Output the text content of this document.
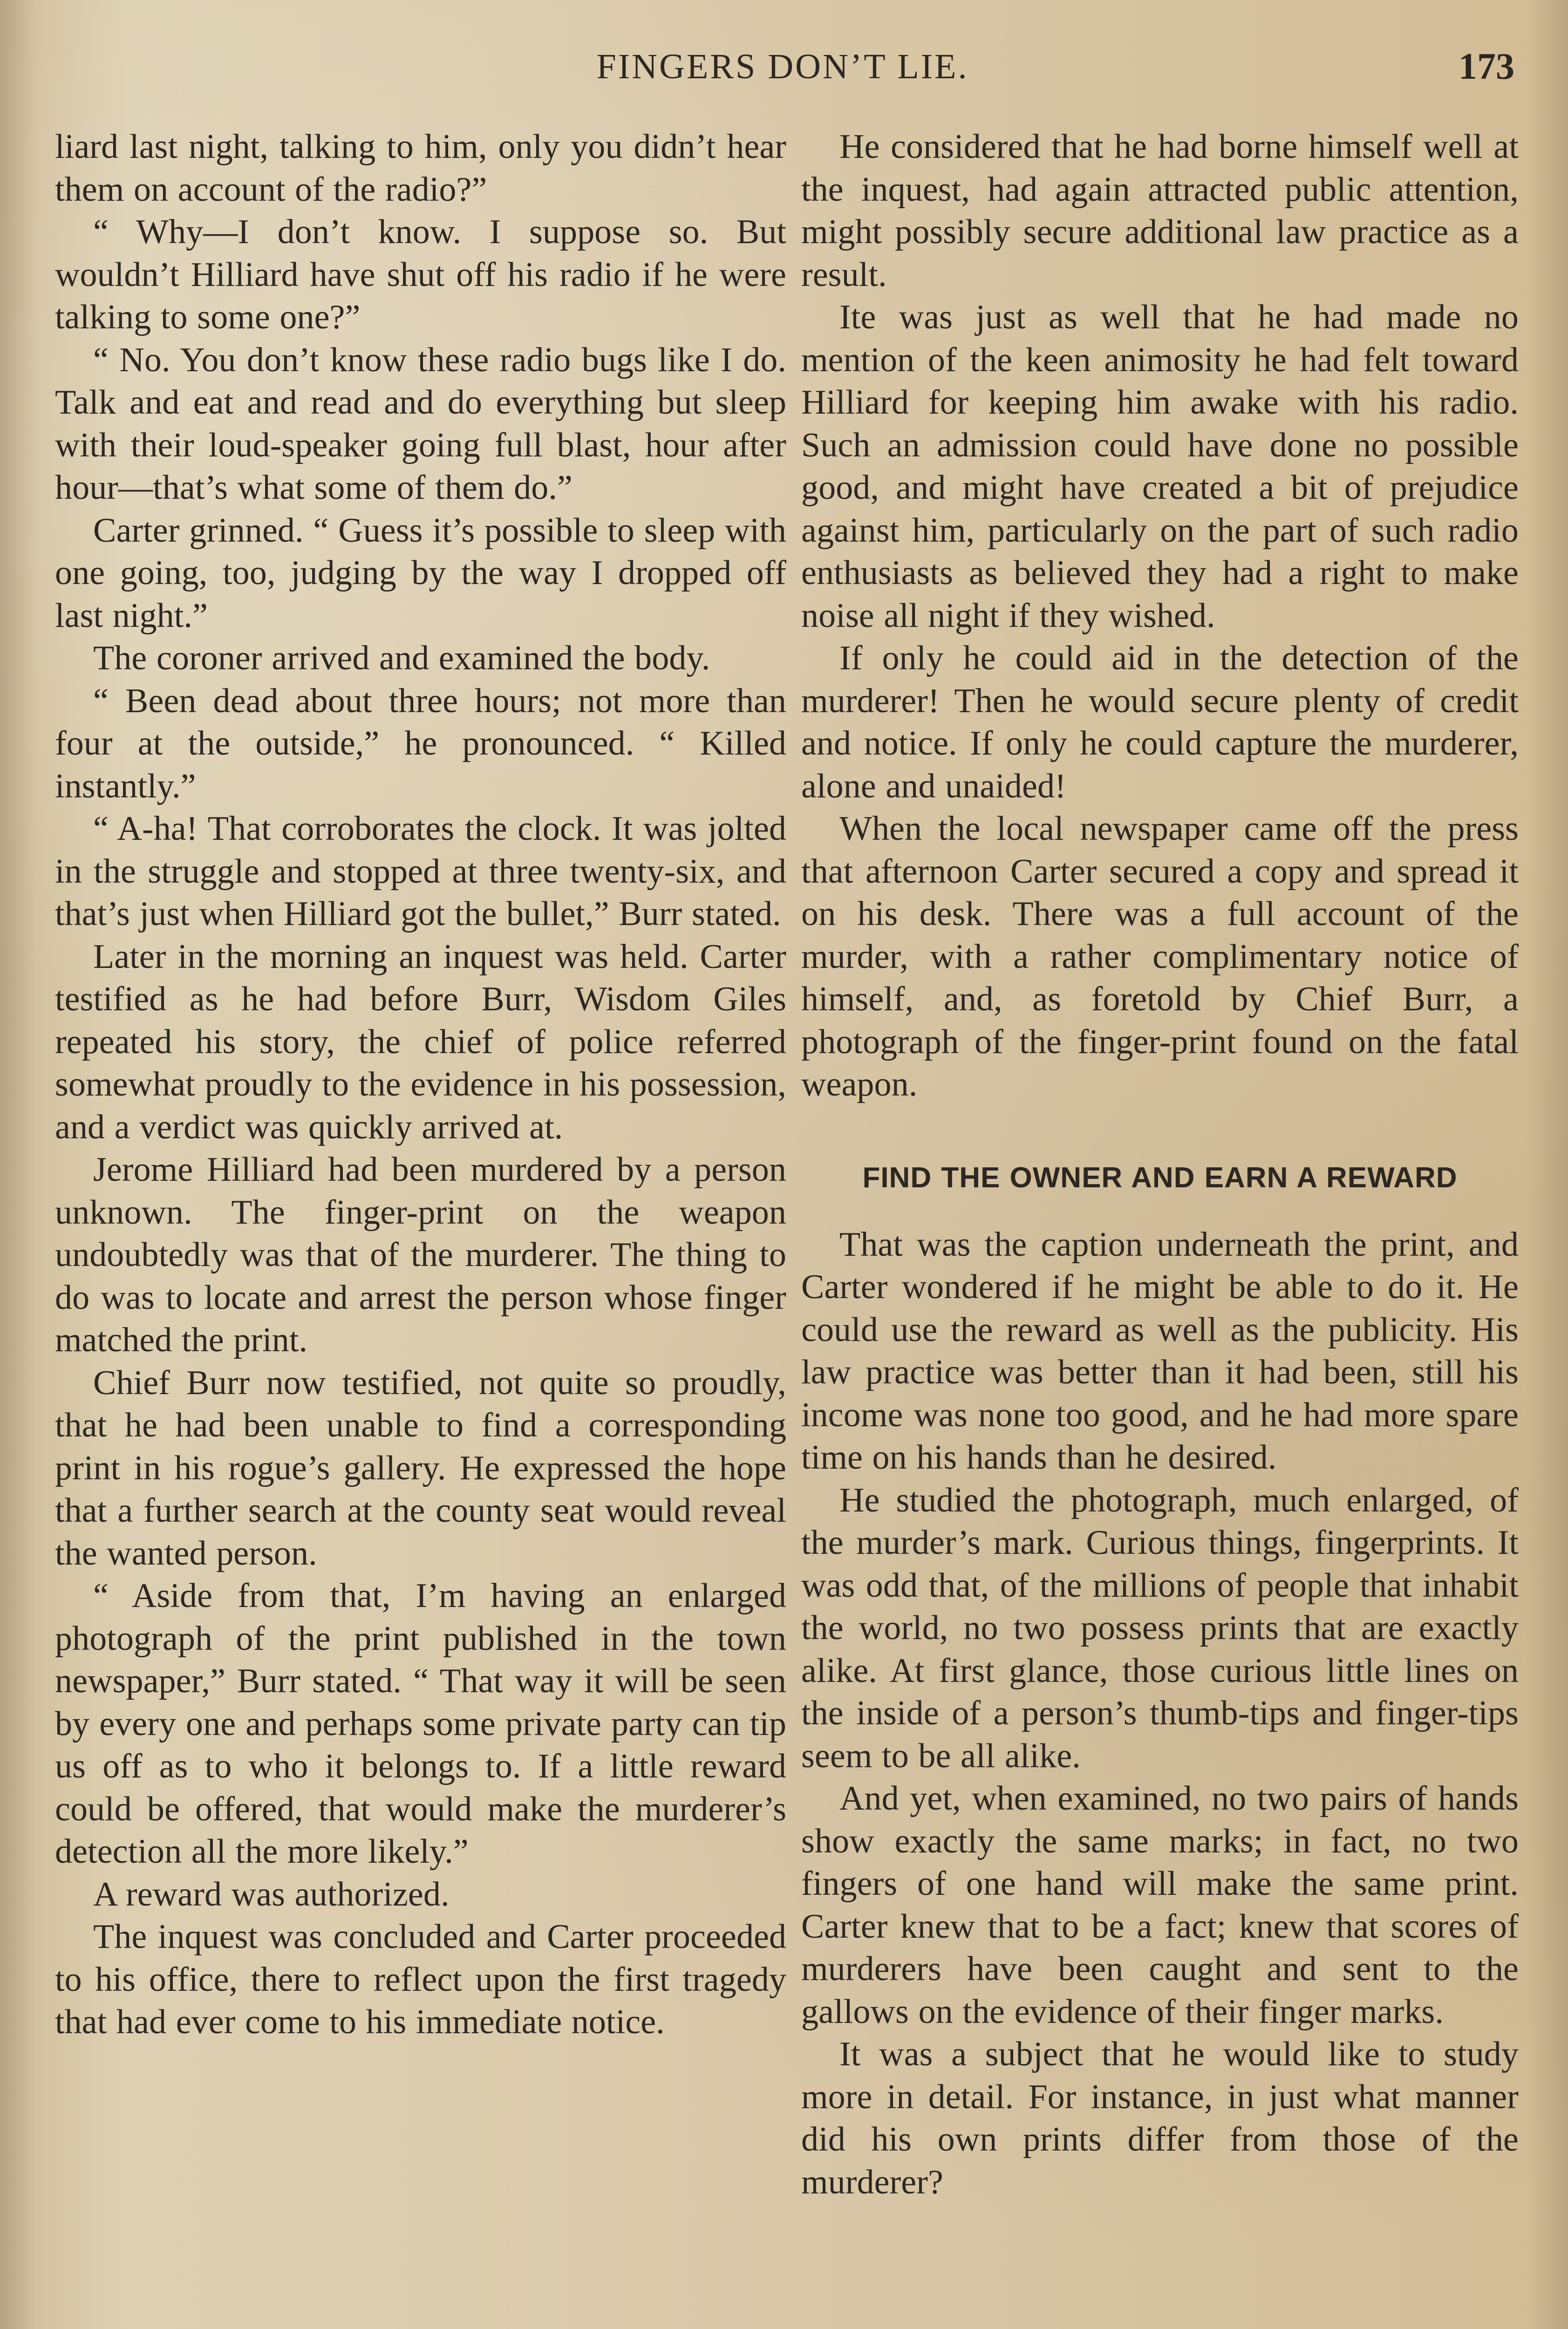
FINGERS DON’T LIE.	173

liard last night, talking to him, only you didn’t hear them on account of the radio?”

“ Why—I don’t know. I suppose so. But wouldn’t Hilliard have shut off his radio if he were talking to some one?”

“ No. You don’t know these radio bugs like I do. Talk and eat and read and do everything but sleep with their loud-speaker going full blast, hour after hour—that’s what some of them do.”

Carter grinned. “ Guess it’s possible to sleep with one going, too, judging by the way I dropped off last night.”

The coroner arrived and examined the body.

“ Been dead about three hours; not more than four at the outside,” he pronounced. “ Killed instantly.”

“ A-ha! That corroborates the clock. It was jolted in the struggle and stopped at three twenty-six, and that’s just when Hilliard got the bullet,” Burr stated.

Later in the morning an inquest was held. Carter testified as he had before Burr, Wisdom Giles repeated his story, the chief of police referred somewhat proudly to the evidence in his possession, and a verdict was quickly arrived at.

Jerome Hilliard had been murdered by a person unknown. The finger-print on the weapon undoubtedly was that of the murderer. The thing to do was to locate and arrest the person whose finger matched the print.

Chief Burr now testified, not quite so proudly, that he had been unable to find a corresponding print in his rogue’s gallery. He expressed the hope that a further search at the county seat would reveal the wanted person.

“ Aside from that, I’m having an enlarged photograph of the print published in the town newspaper,” Burr stated. “ That way it will be seen by every one and perhaps some private party can tip us off as to who it belongs to. If a little reward could be offered, that would make the murderer’s detection all the more likely.”

A reward was authorized.

The inquest was concluded and Carter proceeded to his office, there to reflect upon the first tragedy that had ever come to his immediate notice.

He considered that he had borne himself well at the inquest, had again attracted public attention, might possibly secure additional law practice as a result.

Ite was just as well that he had made no mention of the keen animosity he had felt toward Hilliard for keeping him awake with his radio. Such an admission could have done no possible good, and might have created a bit of prejudice against him, particularly on the part of such radio enthusiasts as believed they had a right to make noise all night if they wished.

If only he could aid in the detection of the murderer! Then he would secure plenty of credit and notice. If only he could capture the murderer, alone and unaided!

When the local newspaper came off the press that afternoon Carter secured a copy and spread it on his desk. There was a full account of the murder, with a rather complimentary notice of himself, and, as foretold by Chief Burr, a photograph of the finger-print found on the fatal weapon.

FIND THE OWNER AND EARN A REWARD

That was the caption underneath the print, and Carter wondered if he might be able to do it. He could use the reward as well as the publicity. His law practice was better than it had been, still his income was none too good, and he had more spare time on his hands than he desired.

He studied the photograph, much enlarged, of the murder’s mark. Curious things, fingerprints. It was odd that, of the millions of people that inhabit the world, no two possess prints that are exactly alike. At first glance, those curious little lines on the inside of a person’s thumb-tips and finger-tips seem to be all alike.

And yet, when examined, no two pairs of hands show exactly the same marks; in fact, no two fingers of one hand will make the same print. Carter knew that to be a fact; knew that scores of murderers have been caught and sent to the gallows on the evidence of their finger marks.

It was a subject that he would like to study more in detail. For instance, in just what manner did his own prints differ from those of the murderer?
